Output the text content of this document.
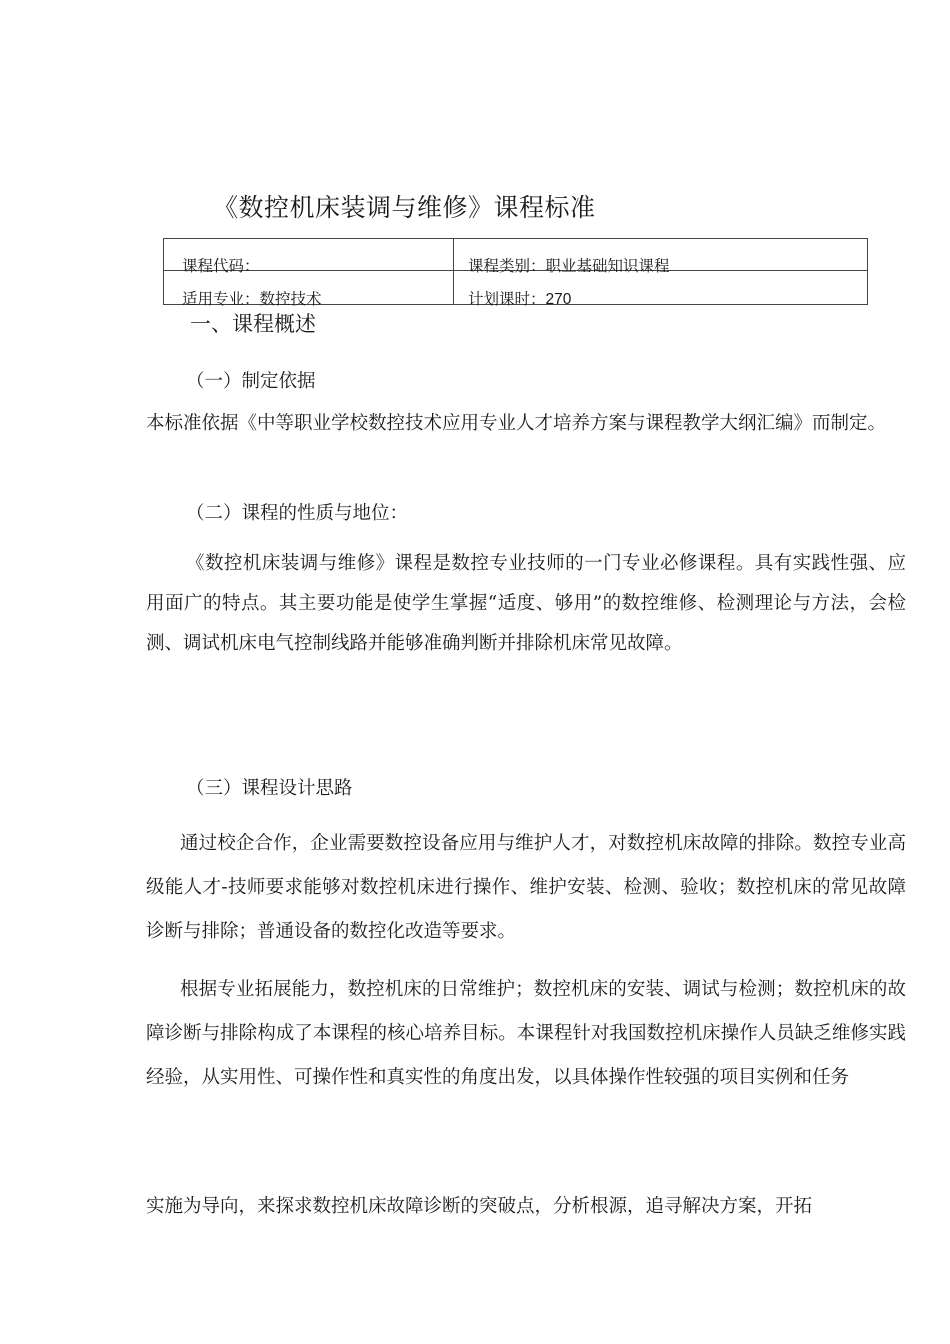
《数控机床装调与维修》课程标准
课程代码：	课程类别：职业基础知识课程
适用专业：数控技术	计划课时：270
一、课程概述
（一）制定依据

本标准依据《中等职业学校数控技术应用专业人才培养方案与课程教学大纲汇编》而制定。

（二）课程的性质与地位：

《数控机床装调与维修》课程是数控专业技师的一门专业必修课程。具有实践性强、应用面广的特点。其主要功能是使学生掌握“适度、够用”的数控维修、检测理论与方法，会检测、调试机床电气控制线路并能够准确判断并排除机床常见故障。

（三）课程设计思路

通过校企合作，企业需要数控设备应用与维护人才，对数控机床故障的排除。数控专业高级能人才-技师要求能够对数控机床进行操作、维护安装、检测、验收；数控机床的常见故障诊断与排除；普通设备的数控化改造等要求。

根据专业拓展能力，数控机床的日常维护；数控机床的安装、调试与检测；数控机床的故障诊断与排除构成了本课程的核心培养目标。本课程针对我国数控机床操作人员缺乏维修实践经验，从实用性、可操作性和真实性的角度出发，以具体操作性较强的项目实例和任务

实施为导向，来探求数控机床故障诊断的突破点，分析根源，追寻解决方案，开拓
